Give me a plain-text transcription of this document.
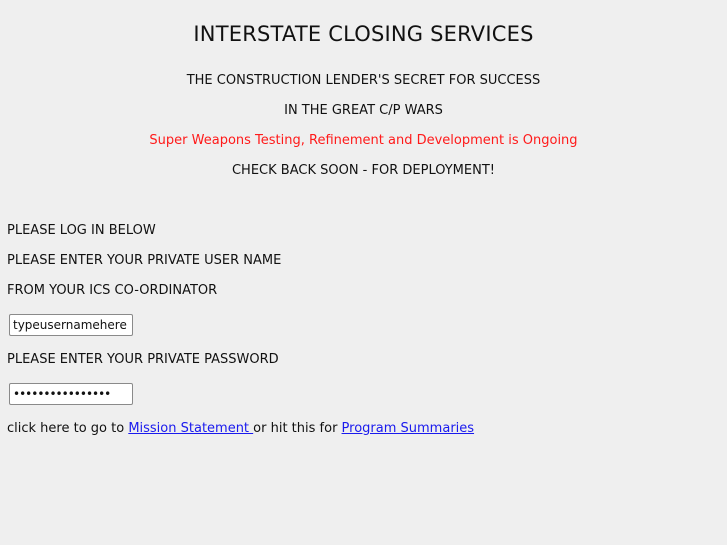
INTERSTATE CLOSING SERVICES
THE CONSTRUCTION LENDER'S SECRET FOR SUCCESS
IN THE GREAT C/P WARS
Super Weapons Testing, Refinement and Development is Ongoing
CHECK BACK SOON - FOR DEPLOYMENT!
PLEASE LOG IN BELOW
PLEASE ENTER YOUR PRIVATE USER NAME
FROM YOUR ICS CO-ORDINATOR
typeusernamehere
PLEASE ENTER YOUR PRIVATE PASSWORD
click here to go to Mission Statement or hit this for Program Summaries
